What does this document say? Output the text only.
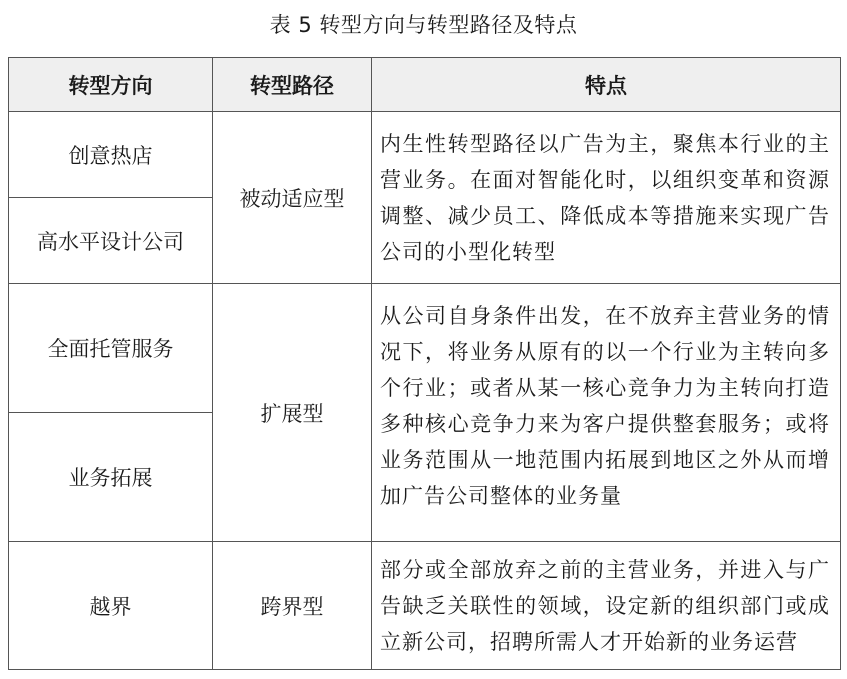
表 5 转型方向与转型路径及特点
转型方向	转型路径	特点
创意热店	被动适应型	内生性转型路径以广告为主，聚焦本行业的主营业务。在面对智能化时，以组织变革和资源调整、减少员工、降低成本等措施来实现广告公司的小型化转型
高水平设计公司		
全面托管服务	扩展型	从公司自身条件出发，在不放弃主营业务的情况下，将业务从原有的以一个行业为主转向多个行业；或者从某一核心竞争力为主转向打造多种核心竞争力来为客户提供整套服务；或将业务范围从一地范围内拓展到地区之外从而增加广告公司整体的业务量
业务拓展		
越界	跨界型	部分或全部放弃之前的主营业务，并进入与广告缺乏关联性的领域，设定新的组织部门或成立新公司，招聘所需人才开始新的业务运营
